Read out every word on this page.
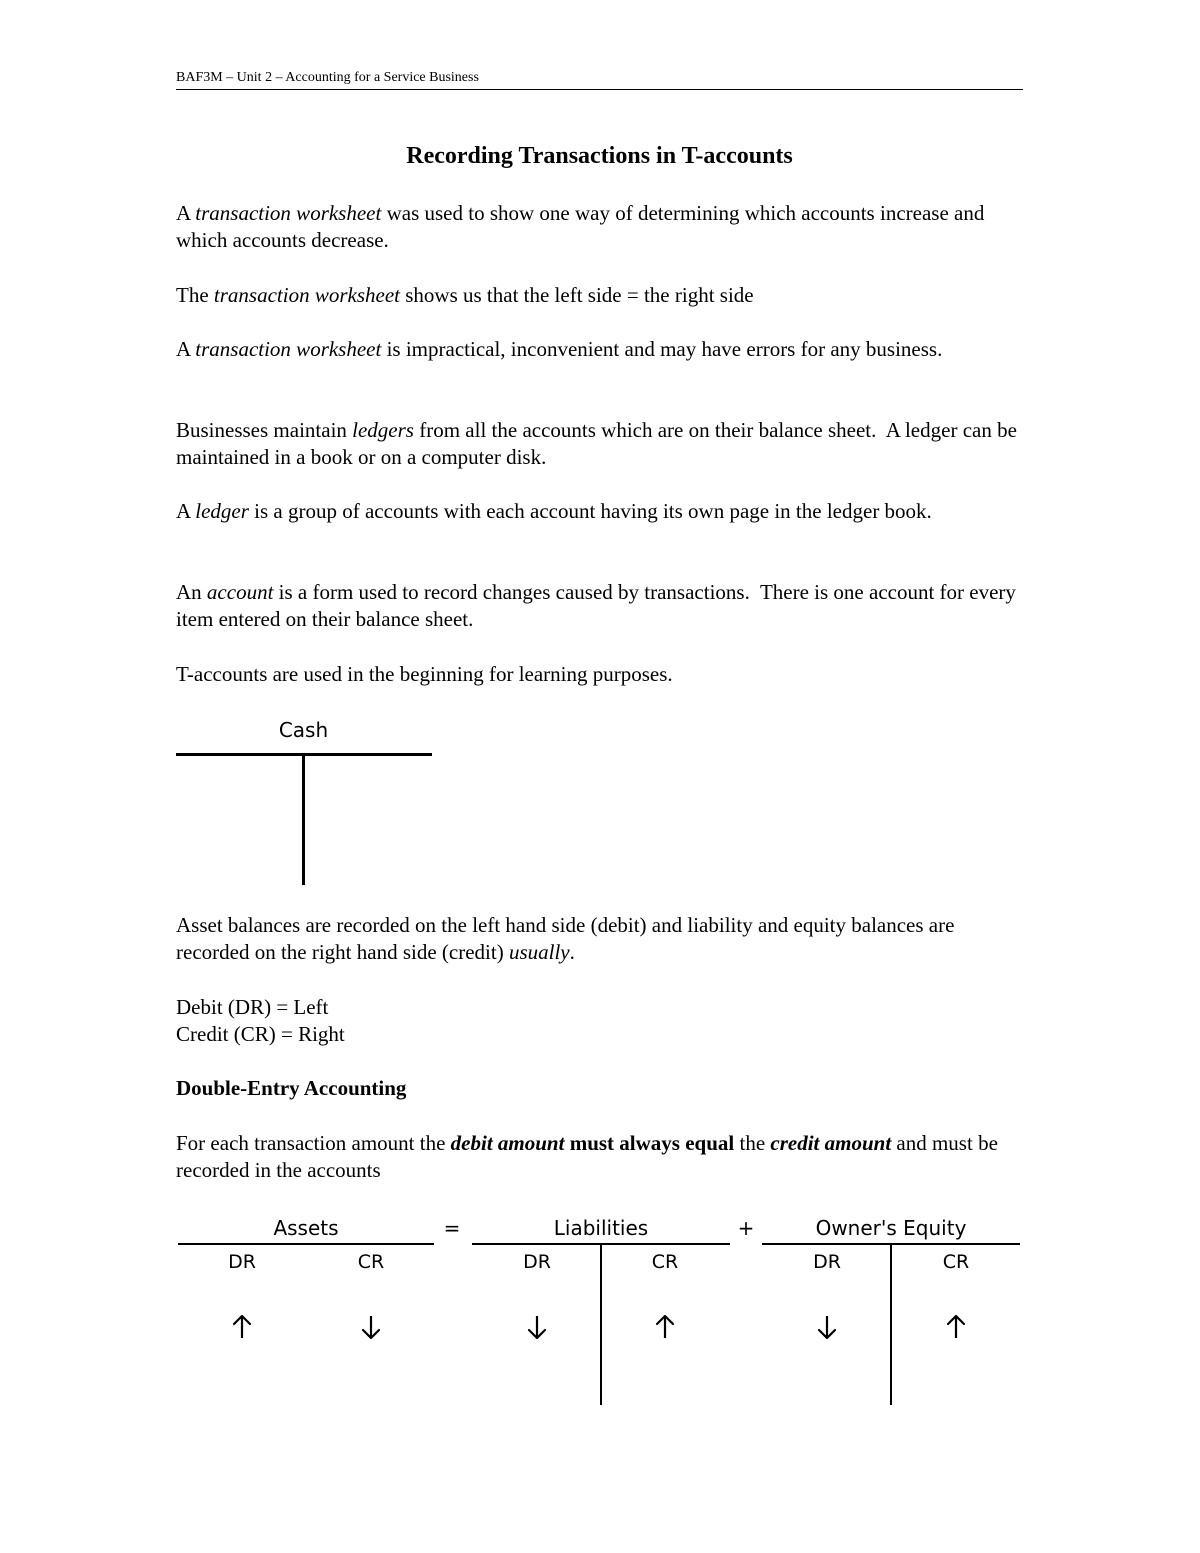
BAF3M – Unit 2 – Accounting for a Service Business
Recording Transactions in T-accounts
A transaction worksheet was used to show one way of determining which accounts increase and which accounts decrease.
The transaction worksheet shows us that the left side = the right side
A transaction worksheet is impractical, inconvenient and may have errors for any business.
Businesses maintain ledgers from all the accounts which are on their balance sheet.  A ledger can be maintained in a book or on a computer disk.
A ledger is a group of accounts with each account having its own page in the ledger book.
An account is a form used to record changes caused by transactions.  There is one account for every item entered on their balance sheet.
T-accounts are used in the beginning for learning purposes.
Cash
Asset balances are recorded on the left hand side (debit) and liability and equity balances are recorded on the right hand side (credit) usually.
Debit (DR) = Left
Credit (CR) = Right
Double-Entry Accounting
For each transaction amount the debit amount must always equal the credit amount and must be recorded in the accounts
Assets	=	Liabilities	+	Owner's Equity
DR	CR	DR	CR	DR	CR
